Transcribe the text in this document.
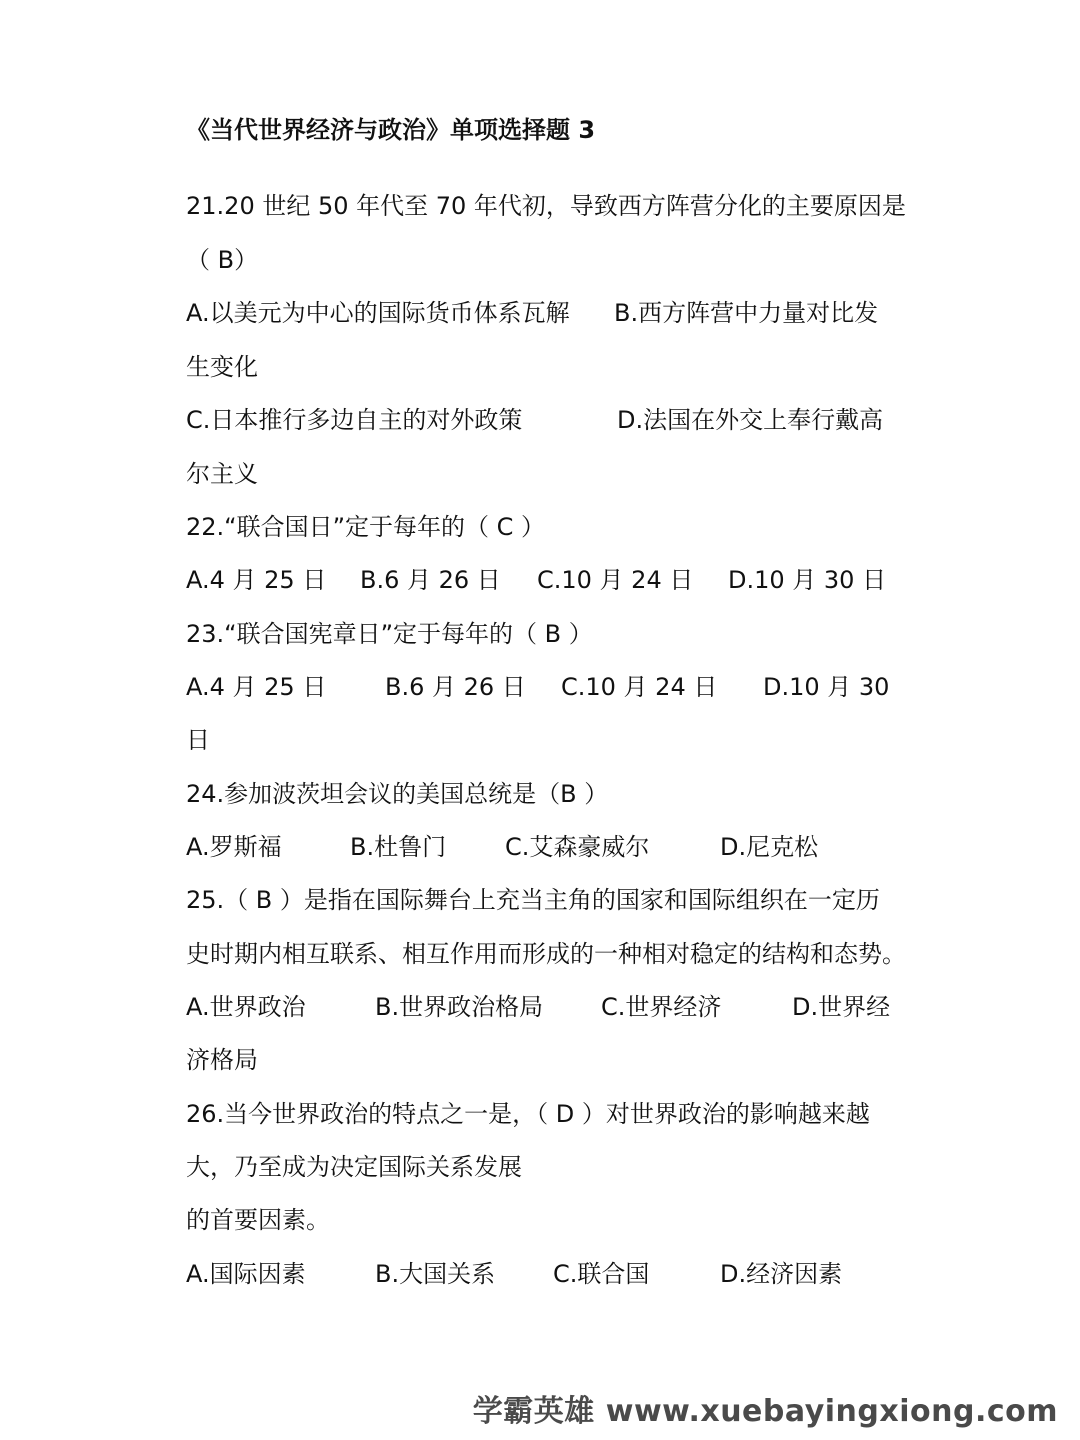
《当代世界经济与政治》单项选择题 3
21.20 世纪 50 年代至 70 年代初，导致西方阵营分化的主要原因是
（ B）
A.以美元为中心的国际货币体系瓦解 B.西方阵营中力量对比发
生变化
C.日本推行多边自主的对外政策	D.法国在外交上奉行戴高
尔主义
22.“联合国日”定于每年的（ C ）
A.4 月 25 日 B.6 月 26 日 C.10 月 24 日 D.10 月 30 日
23.“联合国宪章日”定于每年的（ B ）
A.4 月 25 日 B.6 月 26 日 C.10 月 24 日 D.10 月 30
日
24.参加波茨坦会议的美国总统是（B ）
A.罗斯福	B.杜鲁门 C.艾森豪威尔	D.尼克松
25.（ B ）是指在国际舞台上充当主角的国家和国际组织在一定历
史时期内相互联系、相互作用而形成的一种相对稳定的结构和态势。
A.世界政治	B.世界政治格局 C.世界经济	D.世界经
济格局
26.当今世界政治的特点之一是，（ D ）对世界政治的影响越来越
大，乃至成为决定国际关系发展
的首要因素。
A.国际因素	B.大国关系 C.联合国	D.经济因素
学霸英雄 www.xuebayingxiong.com
